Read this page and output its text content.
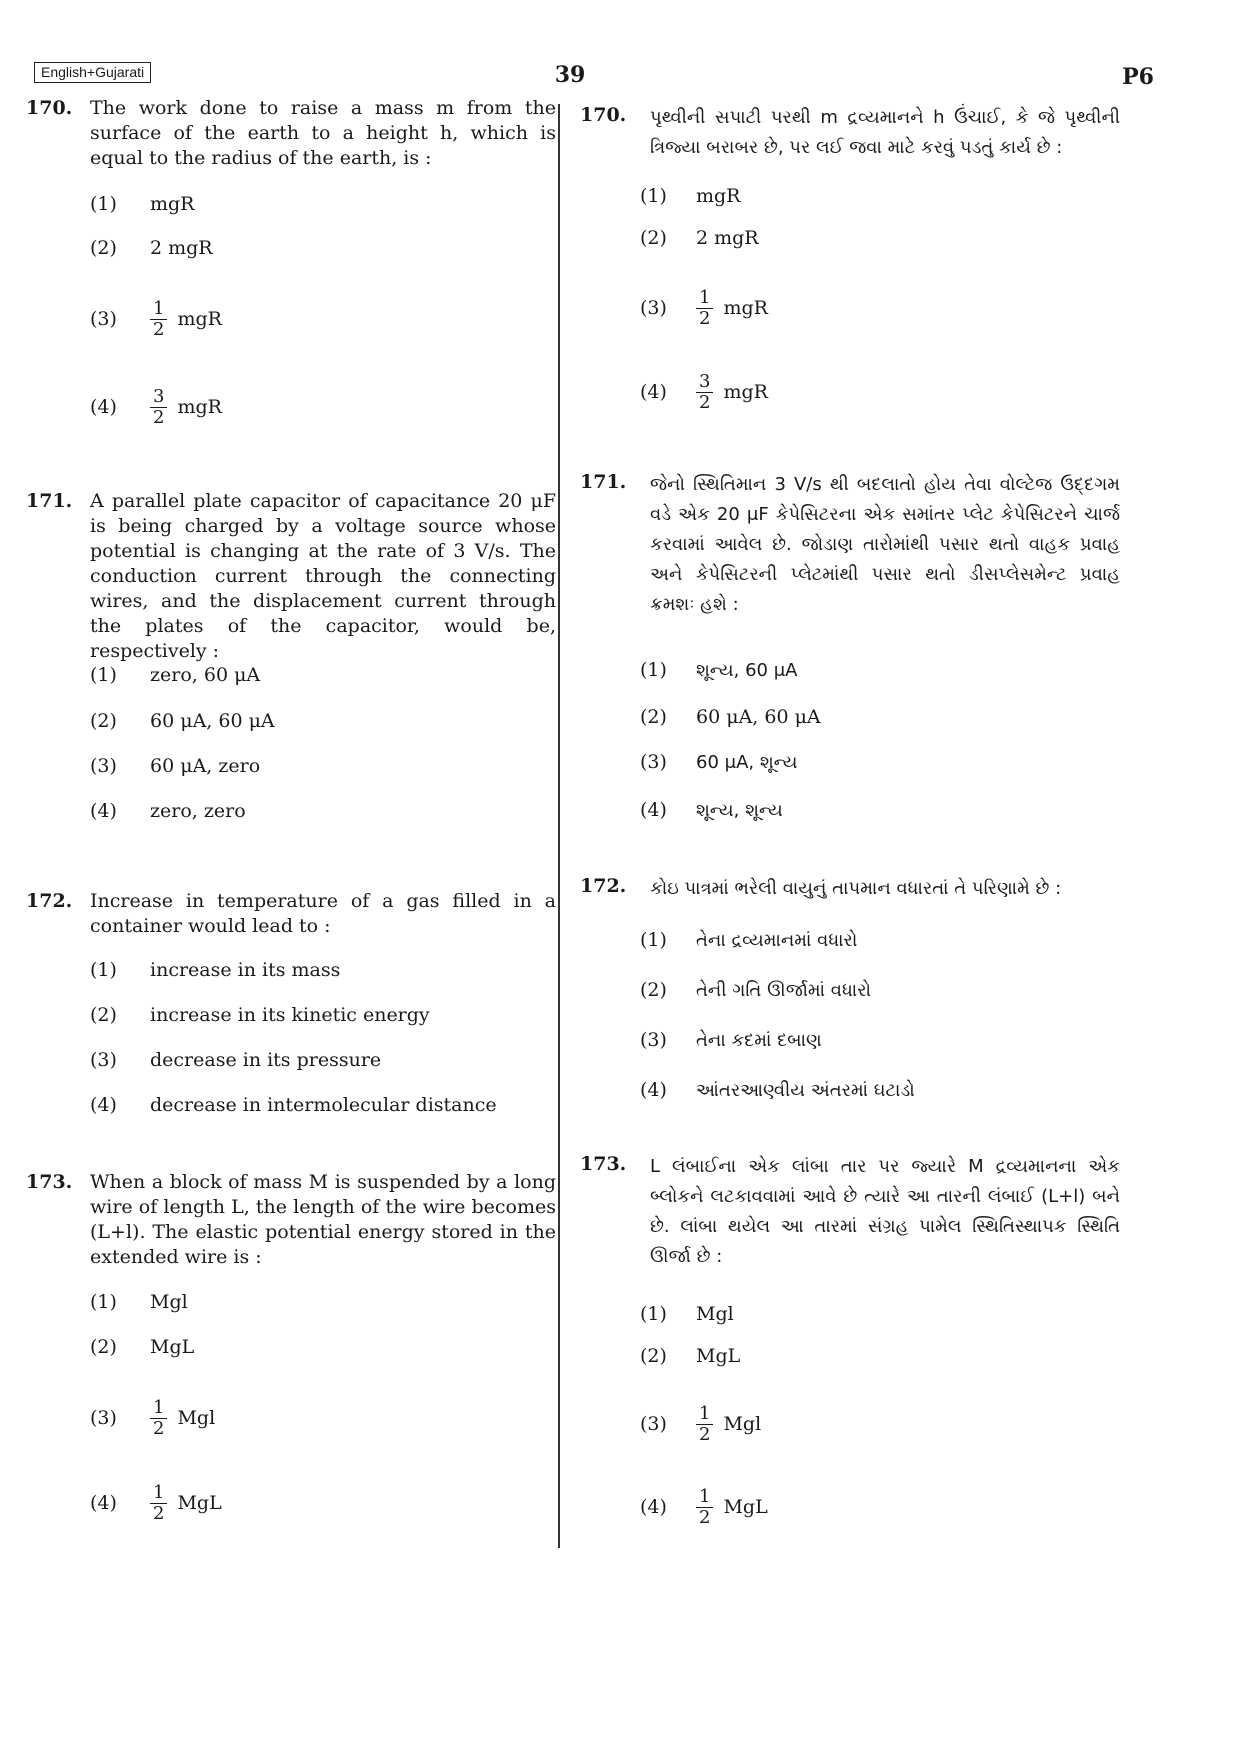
English+Gujarati	39	P6
170. The work done to raise a mass m from the surface of the earth to a height h, which is equal to the radius of the earth, is :
(1)	mgR
(2)	2 mgR
(3)	$\frac{1}{2}$ mgR
(4)	$\frac{3}{2}$ mgR
171. A parallel plate capacitor of capacitance 20 μF is being charged by a voltage source whose potential is changing at the rate of 3 V/s. The conduction current through the connecting wires, and the displacement current through the plates of the capacitor, would be, respectively :
(1)	zero, 60 μA
(2)	60 μA, 60 μA
(3)	60 μA, zero
(4)	zero, zero
172. Increase in temperature of a gas filled in a container would lead to :
(1)	increase in its mass
(2)	increase in its kinetic energy
(3)	decrease in its pressure
(4)	decrease in intermolecular distance
173. When a block of mass M is suspended by a long wire of length L, the length of the wire becomes (L+l). The elastic potential energy stored in the extended wire is :
(1)	Mgl
(2)	MgL
(3)	$\frac{1}{2}$ Mgl
(4)	$\frac{1}{2}$ MgL
170. પૃથ્વીની સપાટી પરથી m દ્રવ્યમાનને h ઉંચાઈ, કે જે પૃથ્વીની ત્રિજ્યા બરાબર છે, પર લઈ જવા માટે કરવું પડતું કાર્ય છે :
(1)	mgR
(2)	2 mgR
(3)	$\frac{1}{2}$ mgR
(4)	$\frac{3}{2}$ mgR
171. જેનો સ્થિતિમાન 3 V/s થી બદલાતો હોય તેવા વોલ્ટેજ ઉદ્દગમ વડે એક 20 μF કેપેસિટરના એક સમાંતર પ્લેટ કેપેસિટરને ચાર્જ કરવામાં આવેલ છે. જોડાણ તારોમાંથી પસાર થતો વાહક પ્રવાહ અને કેપેસિટરની પ્લેટમાંથી પસાર થતો ડીસપ્લેસમેન્ટ પ્રવાહ ક્રમશઃ હશે :
(1)	શૂન્ય, 60 μA
(2)	60 μA, 60 μA
(3)	60 μA, શૂન્ય
(4)	શૂન્ય, શૂન્ય
172. કોઇ પાત્રમાં ભરેલી વાયુનું તાપમાન વધારતાં તે પરિણામે છે :
(1)	તેના દ્રવ્યમાનમાં વધારો
(2)	તેની ગતિ ઊર્જામાં વધારો
(3)	તેના કદમાં દબાણ
(4)	આંતરઆણ્વીય અંતરમાં ઘટાડો
173. L લંબાઈના એક લાંબા તાર પર જ્યારે M દ્રવ્યમાનના એક બ્લોકને લટકાવવામાં આવે છે ત્યારે આ તારની લંબાઈ (L+l) બને છે. લાંબા થયેલ આ તારમાં સંગ્રહ પામેલ સ્થિતિસ્થાપક સ્થિતિ ઊર્જા છે :
(1)	Mgl
(2)	MgL
(3)	$\frac{1}{2}$ Mgl
(4)	$\frac{1}{2}$ MgL
